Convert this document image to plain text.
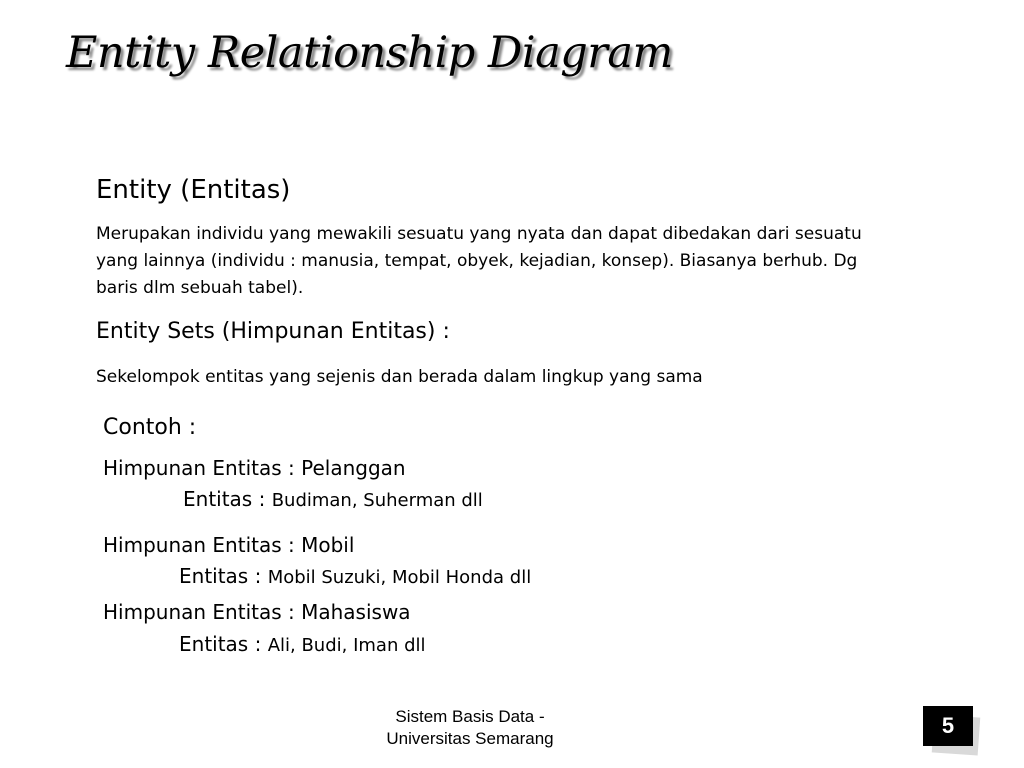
Entity Relationship Diagram
Entity (Entitas)

Merupakan individu yang mewakili sesuatu yang nyata dan dapat dibedakan dari sesuatu yang lainnya (individu : manusia, tempat, obyek, kejadian, konsep). Biasanya berhub. Dg baris dlm sebuah tabel).

Entity Sets (Himpunan Entitas) :
Sekelompok entitas yang sejenis dan berada dalam lingkup yang sama
Contoh :
Himpunan Entitas : Pelanggan
Entitas : Budiman, Suherman dll
Himpunan Entitas : Mobil
Entitas : Mobil Suzuki, Mobil Honda dll
Himpunan Entitas : Mahasiswa
Entitas : Ali, Budi, Iman dll
Sistem Basis Data - Universitas Semarang
5
